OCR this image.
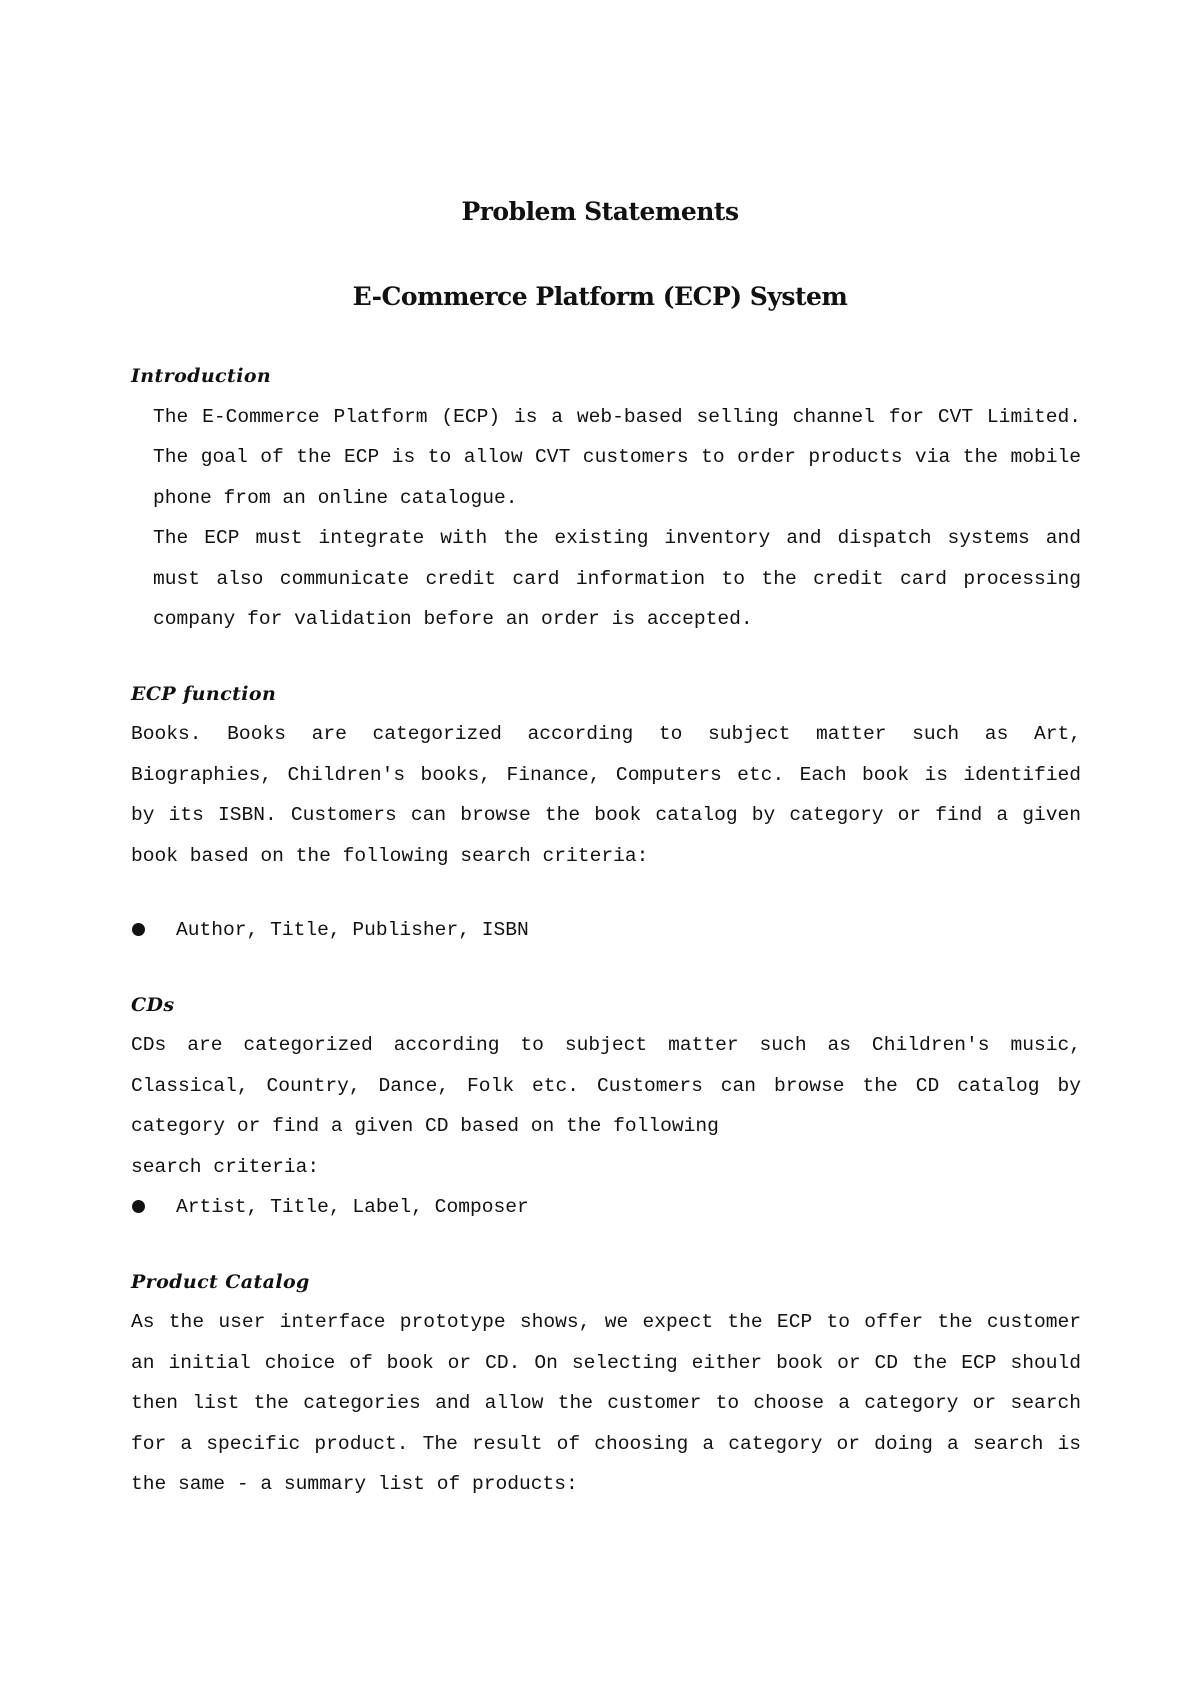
Problem Statements
E-Commerce Platform (ECP) System
Introduction
The E-Commerce Platform (ECP) is a web-based selling channel for CVT Limited. The goal of the ECP is to allow CVT customers to order products via the mobile phone from an online catalogue.
The ECP must integrate with the existing inventory and dispatch systems and must also communicate credit card information to the credit card processing company for validation before an order is accepted.
ECP function
Books. Books are categorized according to subject matter such as Art, Biographies, Children's books, Finance, Computers etc. Each book is identified by its ISBN. Customers can browse the book catalog by category or find a given book based on the following search criteria:
Author, Title, Publisher, ISBN
CDs
CDs are categorized according to subject matter such as Children's music, Classical, Country, Dance, Folk etc. Customers can browse the CD catalog by category or find a given CD based on the following
search criteria:
Artist, Title, Label, Composer
Product Catalog
As the user interface prototype shows, we expect the ECP to offer the customer an initial choice of book or CD. On selecting either book or CD the ECP should then list the categories and allow the customer to choose a category or search for a specific product. The result of choosing a category or doing a search is the same - a summary list of products:
